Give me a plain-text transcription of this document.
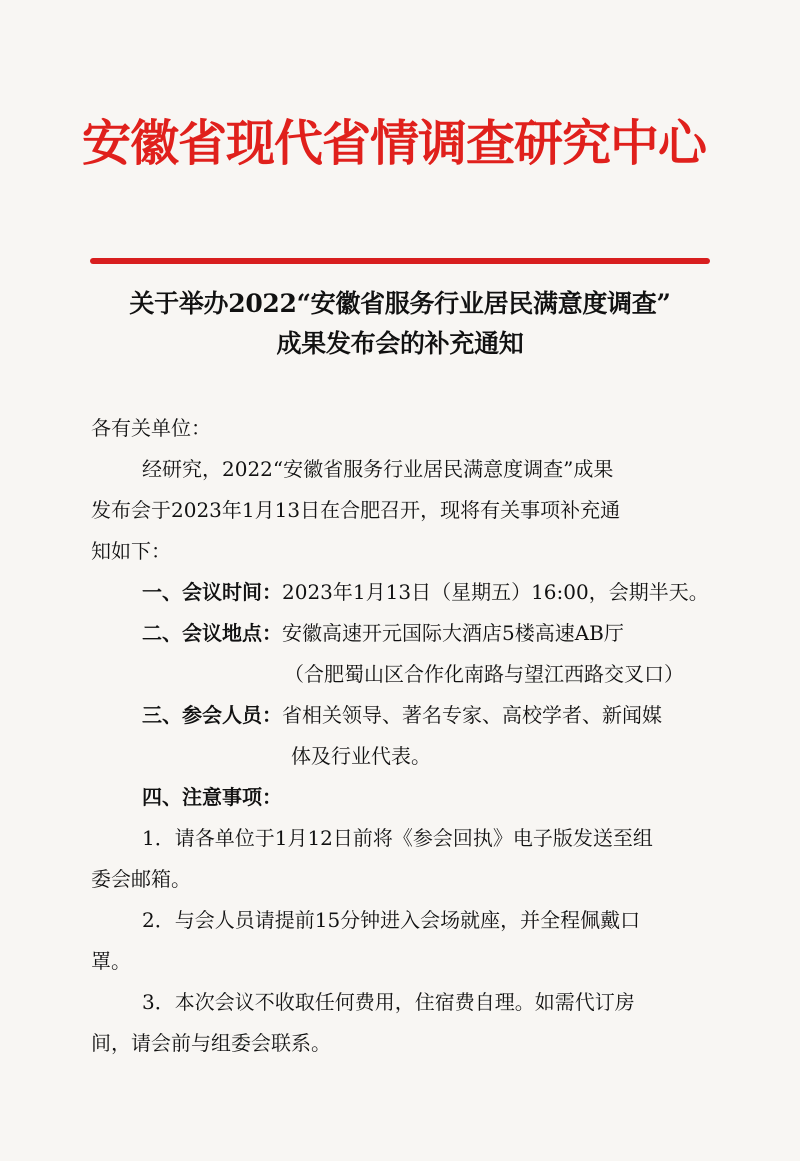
安徽省现代省情调查研究中心
关于举办2022“安徽省服务行业居民满意度调查”
成果发布会的补充通知

各有关单位：

经研究，2022“安徽省服务行业居民满意度调查”成果

发布会于2023年1月13日在合肥召开，现将有关事项补充通

知如下：

一、会议时间：2023年1月13日（星期五）16:00，会期半天。

二、会议地点：安徽高速开元国际大酒店5楼高速AB厅

（合肥蜀山区合作化南路与望江西路交叉口）

三、参会人员：省相关领导、著名专家、高校学者、新闻媒

体及行业代表。

四、注意事项：

1．请各单位于1月12日前将《参会回执》电子版发送至组

委会邮箱。

2．与会人员请提前15分钟进入会场就座，并全程佩戴口

罩。

3．本次会议不收取任何费用，住宿费自理。如需代订房

间，请会前与组委会联系。
